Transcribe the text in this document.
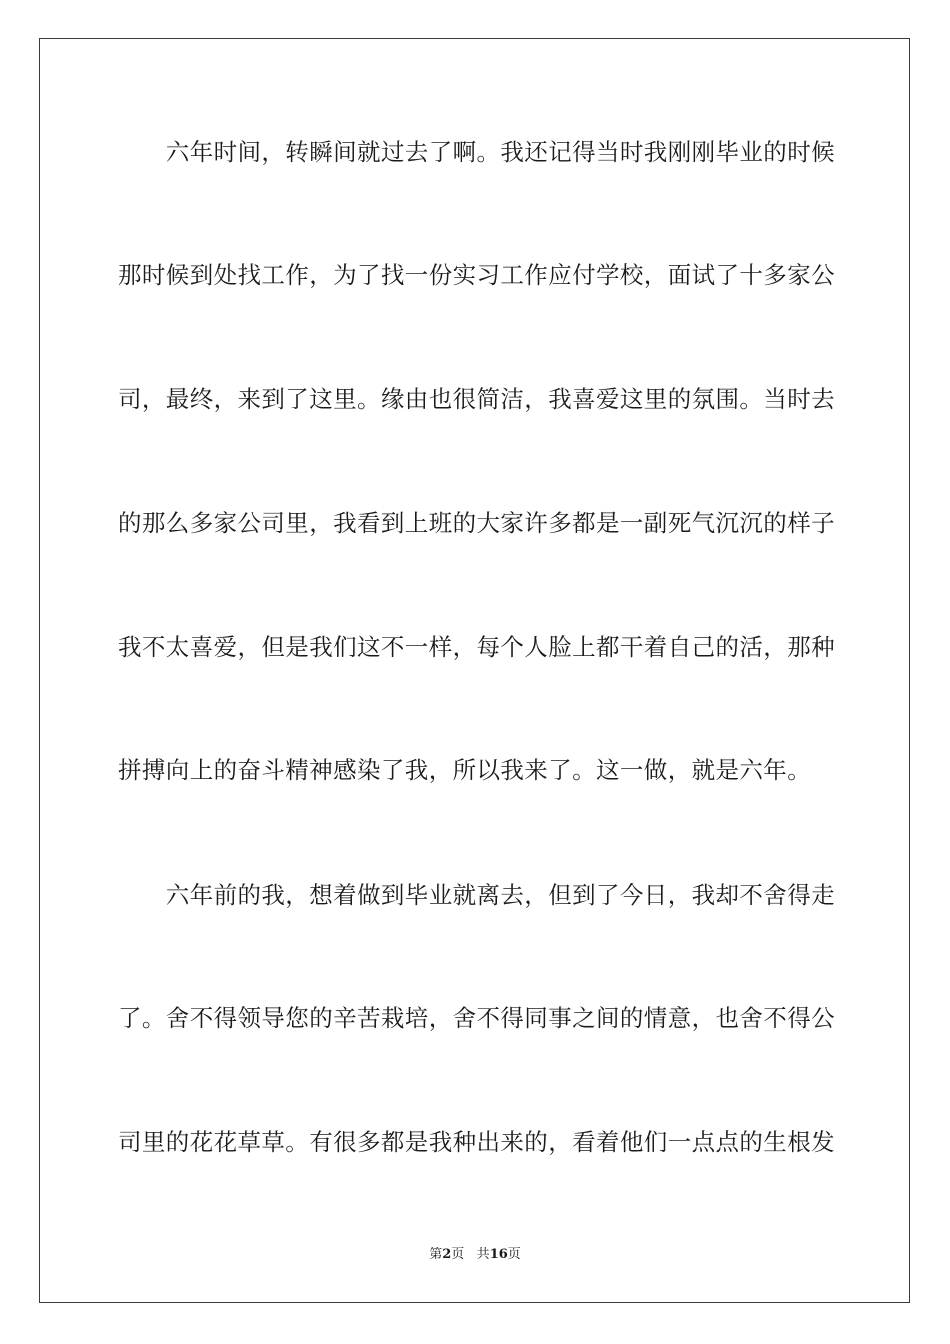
　　六年时间，转瞬间就过去了啊。我还记得当时我刚刚毕业的时候
那时候到处找工作，为了找一份实习工作应付学校，面试了十多家公
司，最终，来到了这里。缘由也很简洁，我喜爱这里的氛围。当时去
的那么多家公司里，我看到上班的大家许多都是一副死气沉沉的样子
我不太喜爱，但是我们这不一样，每个人脸上都干着自己的活，那种
拼搏向上的奋斗精神感染了我，所以我来了。这一做，就是六年。
　　六年前的我，想着做到毕业就离去，但到了今日，我却不舍得走
了。舍不得领导您的辛苦栽培，舍不得同事之间的情意，也舍不得公
司里的花花草草。有很多都是我种出来的，看着他们一点点的生根发
第2页 共16页
